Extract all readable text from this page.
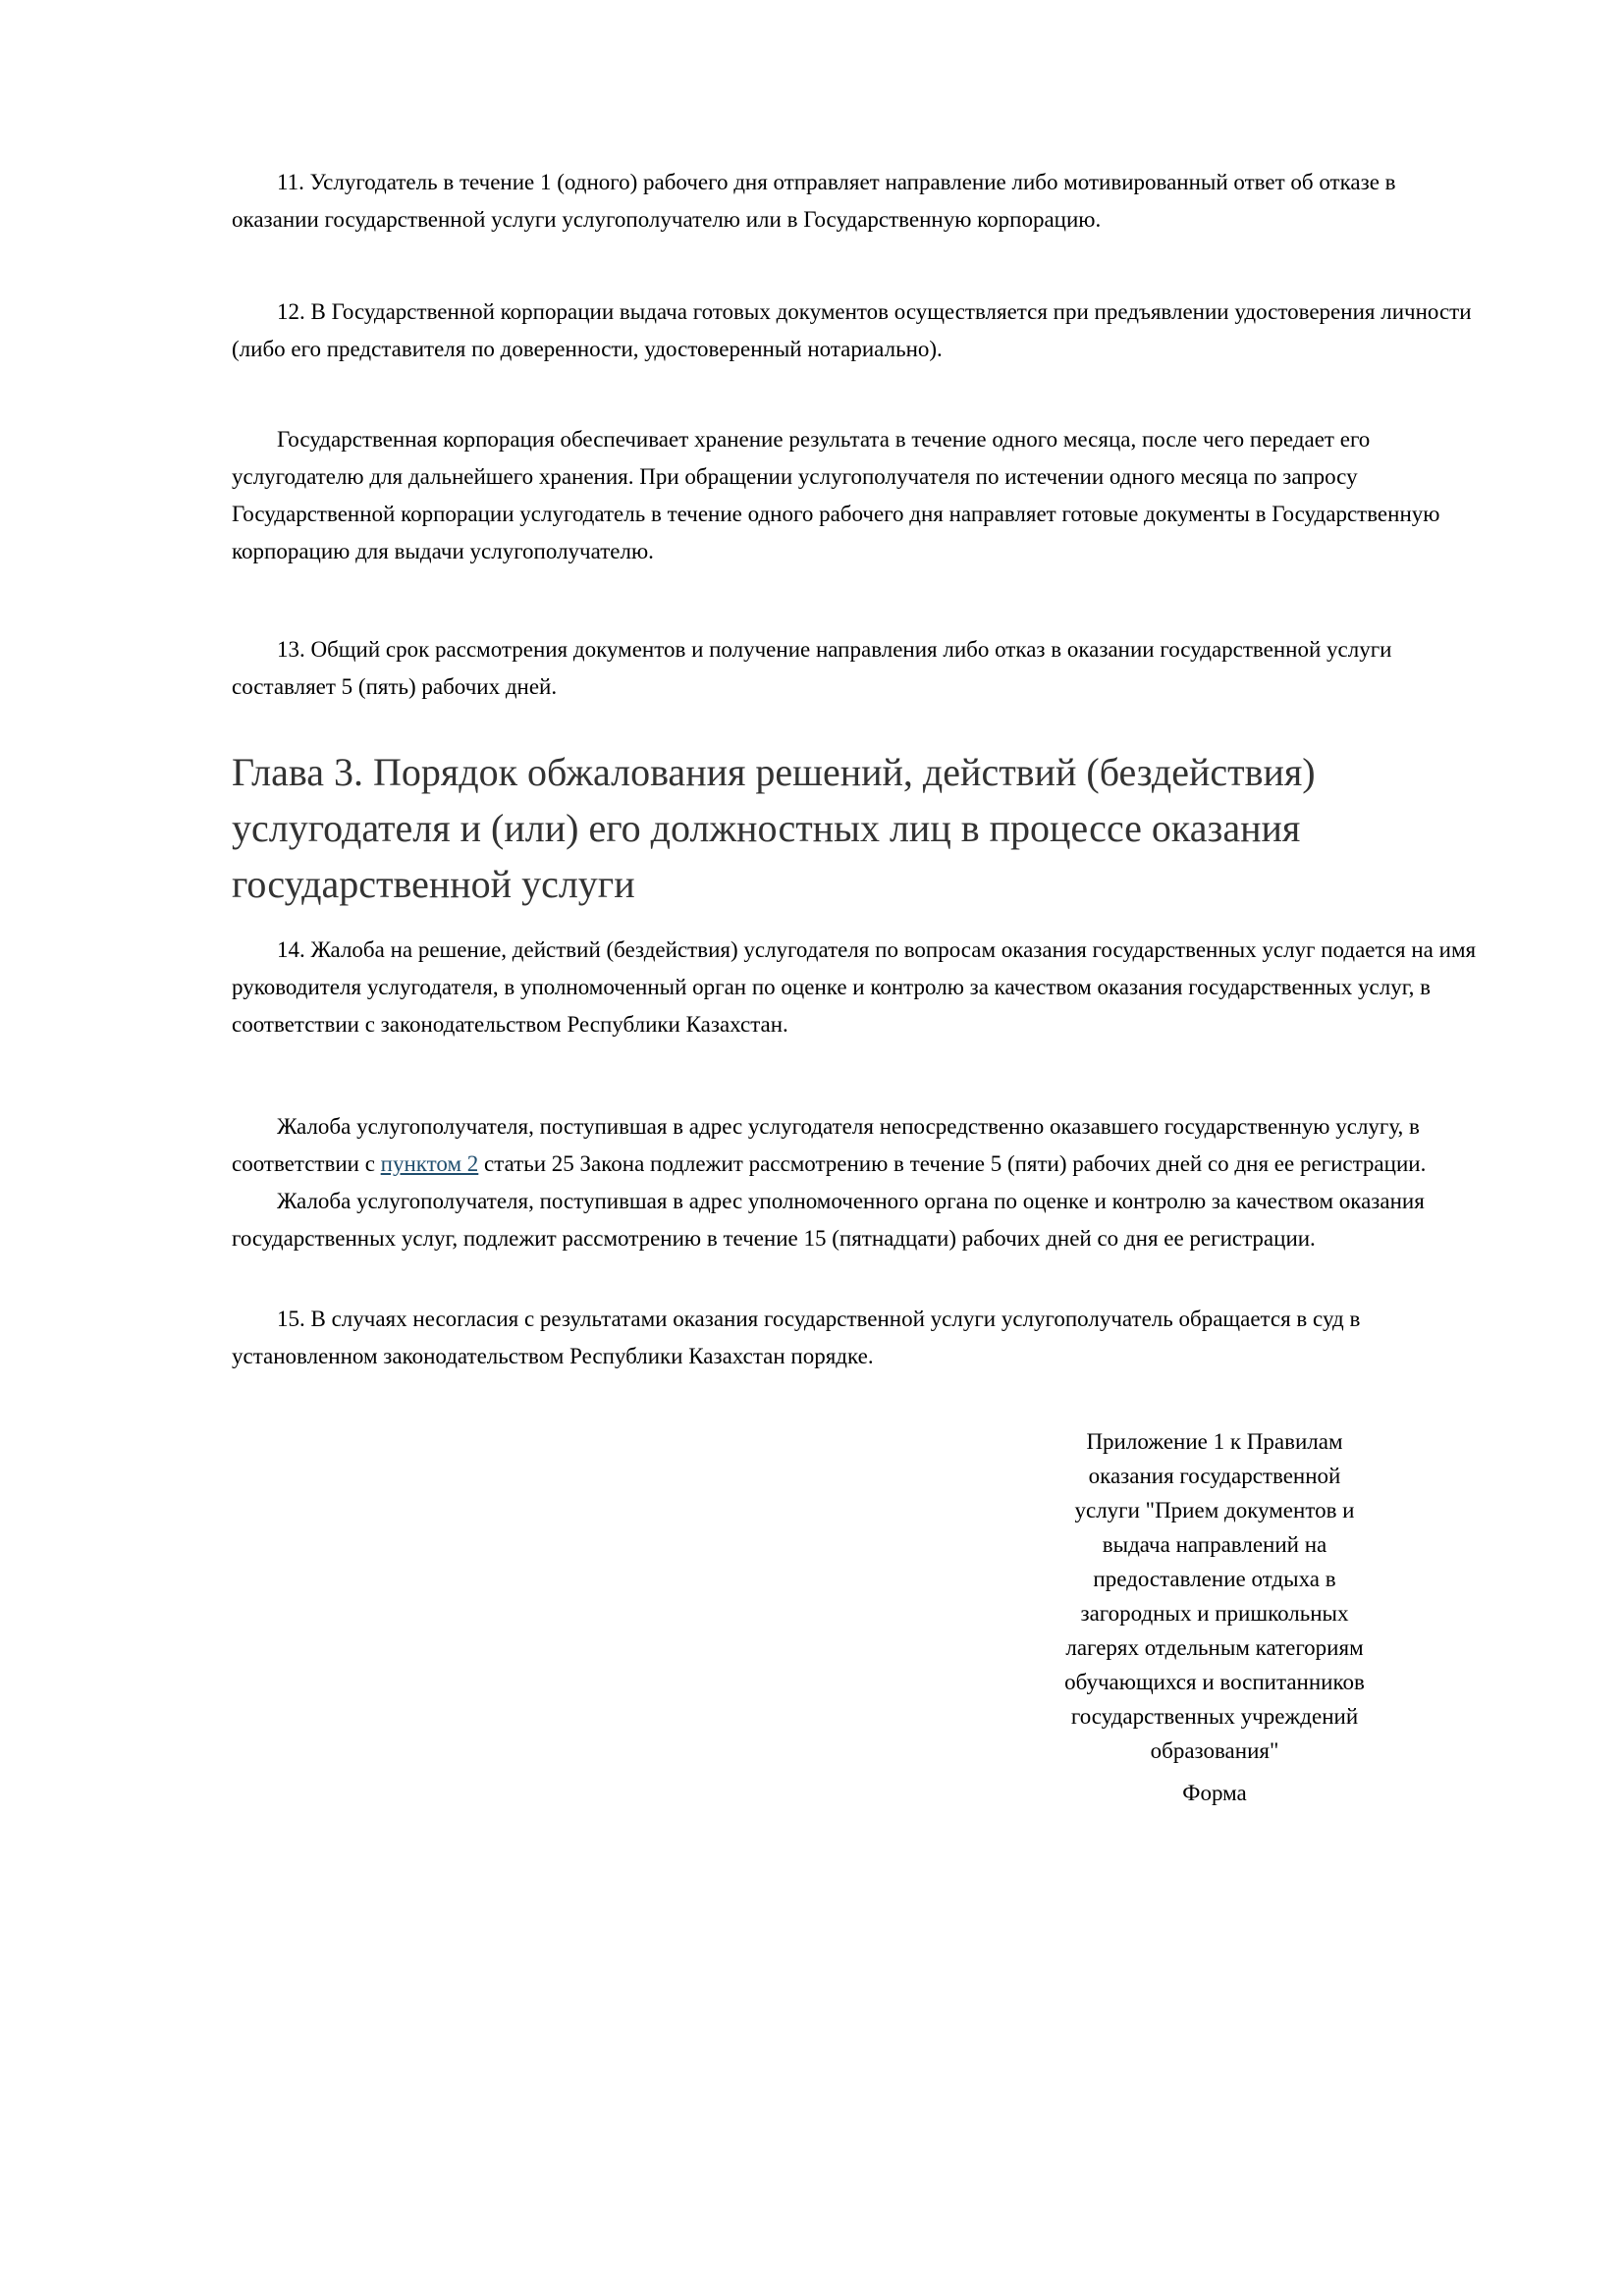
11. Услугодатель в течение 1 (одного) рабочего дня отправляет направление либо мотивированный ответ об отказе в оказании государственной услуги услугополучателю или в Государственную корпорацию.

12. В Государственной корпорации выдача готовых документов осуществляется при предъявлении удостоверения личности (либо его представителя по доверенности, удостоверенный нотариально).

Государственная корпорация обеспечивает хранение результата в течение одного месяца, после чего передает его услугодателю для дальнейшего хранения. При обращении услугополучателя по истечении одного месяца по запросу Государственной корпорации услугодатель в течение одного рабочего дня направляет готовые документы в Государственную корпорацию для выдачи услугополучателю.

13. Общий срок рассмотрения документов и получение направления либо отказ в оказании государственной услуги составляет 5 (пять) рабочих дней.

Глава 3. Порядок обжалования решений, действий (бездействия) услугодателя и (или) его должностных лиц в процессе оказания государственной услуги

14. Жалоба на решение, действий (бездействия) услугодателя по вопросам оказания государственных услуг подается на имя руководителя услугодателя, в уполномоченный орган по оценке и контролю за качеством оказания государственных услуг, в соответствии с законодательством Республики Казахстан.

Жалоба услугополучателя, поступившая в адрес услугодателя непосредственно оказавшего государственную услугу, в соответствии с пунктом 2 статьи 25 Закона подлежит рассмотрению в течение 5 (пяти) рабочих дней со дня ее регистрации.

Жалоба услугополучателя, поступившая в адрес уполномоченного органа по оценке и контролю за качеством оказания государственных услуг, подлежит рассмотрению в течение 15 (пятнадцати) рабочих дней со дня ее регистрации.

15. В случаях несогласия с результатами оказания государственной услуги услугополучатель обращается в суд в установленном законодательством Республики Казахстан порядке.

Приложение 1 к Правилам
оказания государственной
услуги "Прием документов и
выдача направлений на
предоставление отдыха в
загородных и пришкольных
лагерях отдельным категориям
обучающихся и воспитанников
государственных учреждений
образования"
Форма
